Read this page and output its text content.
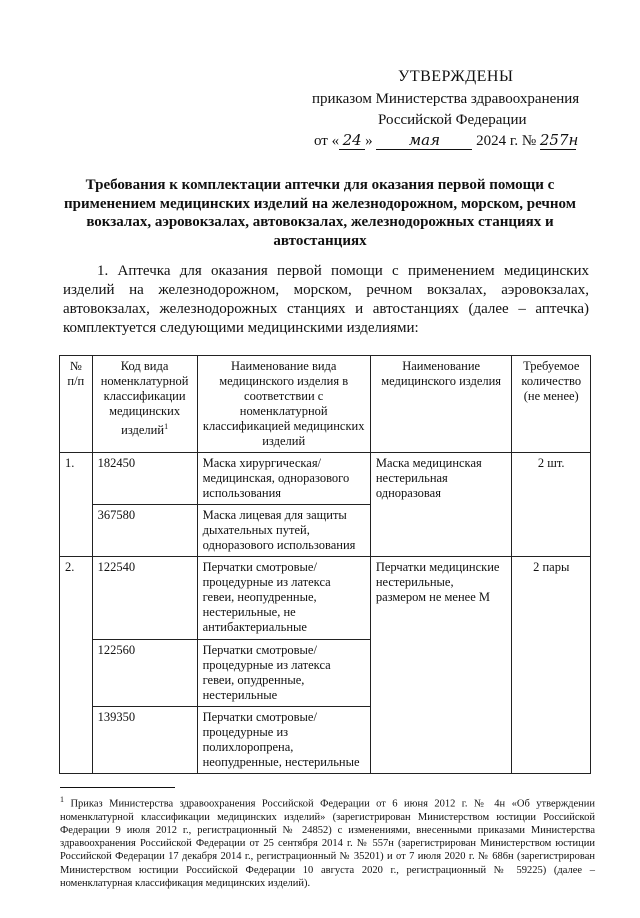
УТВЕРЖДЕНЫ
приказом Министерства здравоохранения
Российской Федерации
от « 24 » мая 2024 г. № 257н
Требования к комплектации аптечки для оказания первой помощи с применением медицинских изделий на железнодорожном, морском, речном вокзалах, аэровокзалах, автовокзалах, железнодорожных станциях и автостанциях
1. Аптечка для оказания первой помощи с применением медицинских изделий на железнодорожном, морском, речном вокзалах, аэровокзалах, автовокзалах, железнодорожных станциях и автостанциях (далее – аптечка) комплектуется следующими медицинскими изделиями:
№ п/п	Код вида номенклатурной классификации медицинских изделий$^1$	Наименование вида медицинского изделия в соответствии с номенклатурной классификацией медицинских изделий	Наименование медицинского изделия	Требуемое количество (не менее)
1.	182450	Маска хирургическая/ медицинская, одноразового использования	Маска медицинская нестерильная одноразовая	2 шт.
	367580	Маска лицевая для защиты дыхательных путей, одноразового использования		
2.	122540	Перчатки смотровые/ процедурные из латекса гевеи, неопудренные, нестерильные, не антибактериальные	Перчатки медицинские нестерильные, размером не менее M	2 пары
	122560	Перчатки смотровые/ процедурные из латекса гевеи, опудренные, нестерильные		
	139350	Перчатки смотровые/ процедурные из полихлоропрена, неопудренные, нестерильные		
$^1$ Приказ Министерства здравоохранения Российской Федерации от 6 июня 2012 г. № 4н «Об утверждении номенклатурной классификации медицинских изделий» (зарегистрирован Министерством юстиции Российской Федерации 9 июля 2012 г., регистрационный № 24852) с изменениями, внесенными приказами Министерства здравоохранения Российской Федерации от 25 сентября 2014 г. № 557н (зарегистрирован Министерством юстиции Российской Федерации 17 декабря 2014 г., регистрационный № 35201) и от 7 июля 2020 г. № 686н (зарегистрирован Министерством юстиции Российской Федерации 10 августа 2020 г., регистрационный № 59225) (далее – номенклатурная классификация медицинских изделий).
